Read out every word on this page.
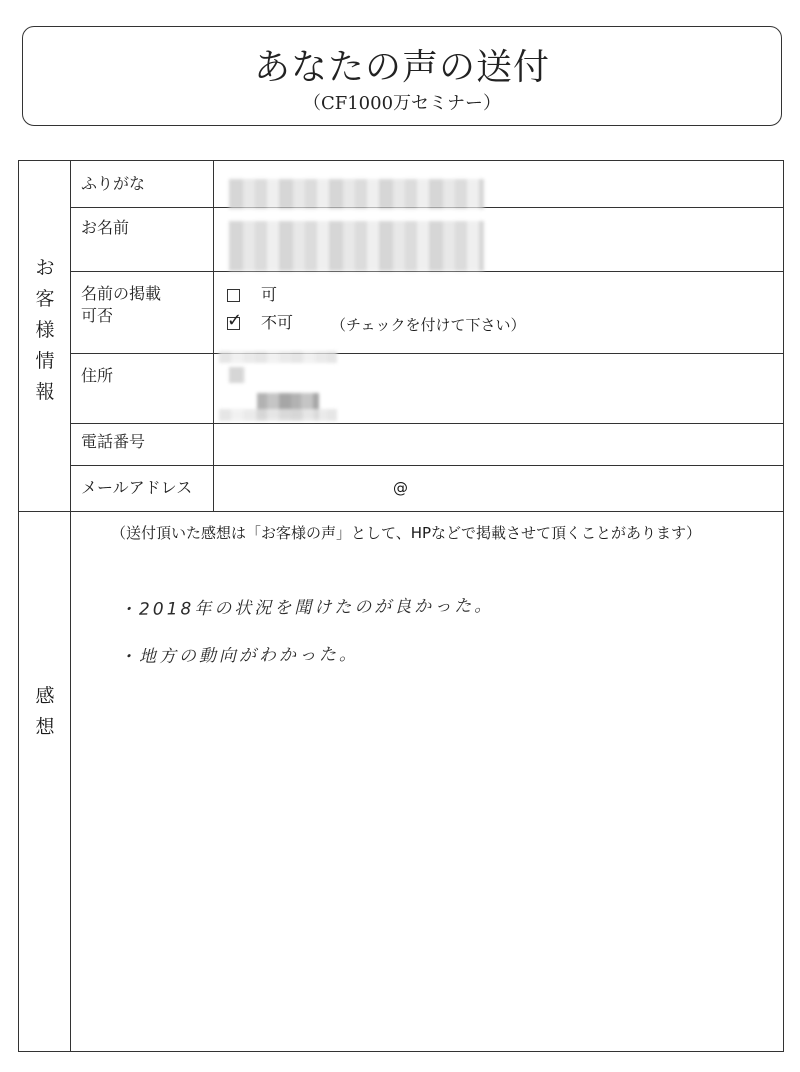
あなたの声の送付
（CF1000万セミナー）
お
客
様
情
報
ふりがな
お名前
名前の掲載
可否
住所
電話番号
メールアドレス
可
✓ 不可	（チェックを付けて下さい）
@
感
想
（送付頂いた感想は「お客様の声」として、HPなどで掲載させて頂くことがあります）
・2018年の状況を聞けたのが良かった。
・地方の動向がわかった。
